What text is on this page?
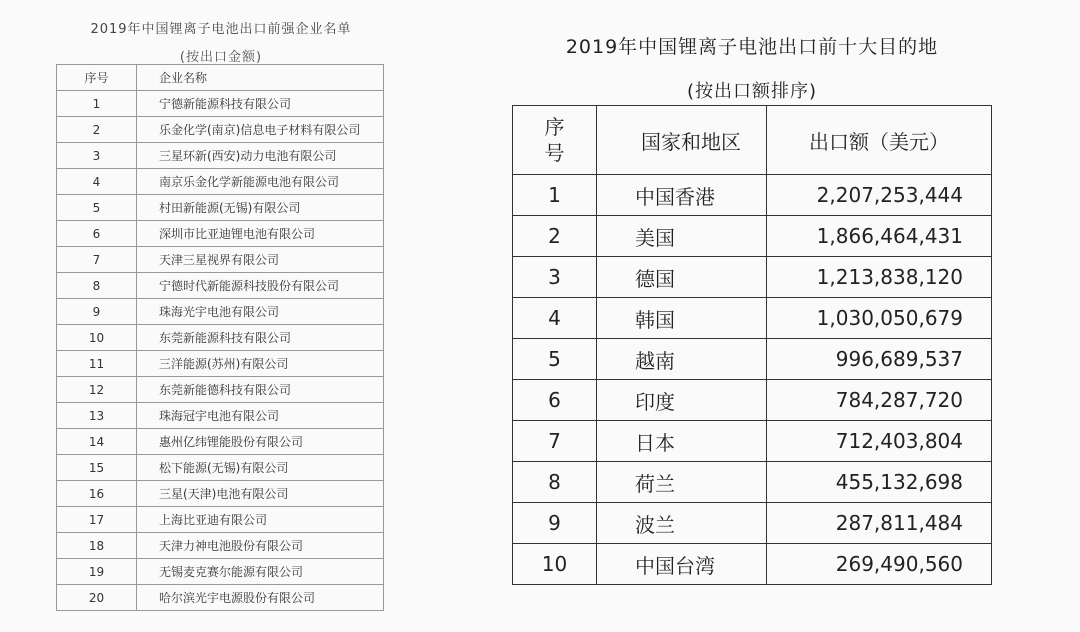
2019年中国锂离子电池出口前强企业名单
(按出口金额)
序号	企业名称
1	宁德新能源科技有限公司
2	乐金化学(南京)信息电子材料有限公司
3	三星环新(西安)动力电池有限公司
4	南京乐金化学新能源电池有限公司
5	村田新能源(无锡)有限公司
6	深圳市比亚迪锂电池有限公司
7	天津三星视界有限公司
8	宁德时代新能源科技股份有限公司
9	珠海光宇电池有限公司
10	东莞新能源科技有限公司
11	三洋能源(苏州)有限公司
12	东莞新能德科技有限公司
13	珠海冠宇电池有限公司
14	惠州亿纬锂能股份有限公司
15	松下能源(无锡)有限公司
16	三星(天津)电池有限公司
17	上海比亚迪有限公司
18	天津力神电池股份有限公司
19	无锡麦克赛尔能源有限公司
20	哈尔滨光宇电源股份有限公司
2019年中国锂离子电池出口前十大目的地
(按出口额排序)
序
号	国家和地区	出口额（美元）
1	中国香港	2,207,253,444
2	美国	1,866,464,431
3	德国	1,213,838,120
4	韩国	1,030,050,679
5	越南	996,689,537
6	印度	784,287,720
7	日本	712,403,804
8	荷兰	455,132,698
9	波兰	287,811,484
10	中国台湾	269,490,560
